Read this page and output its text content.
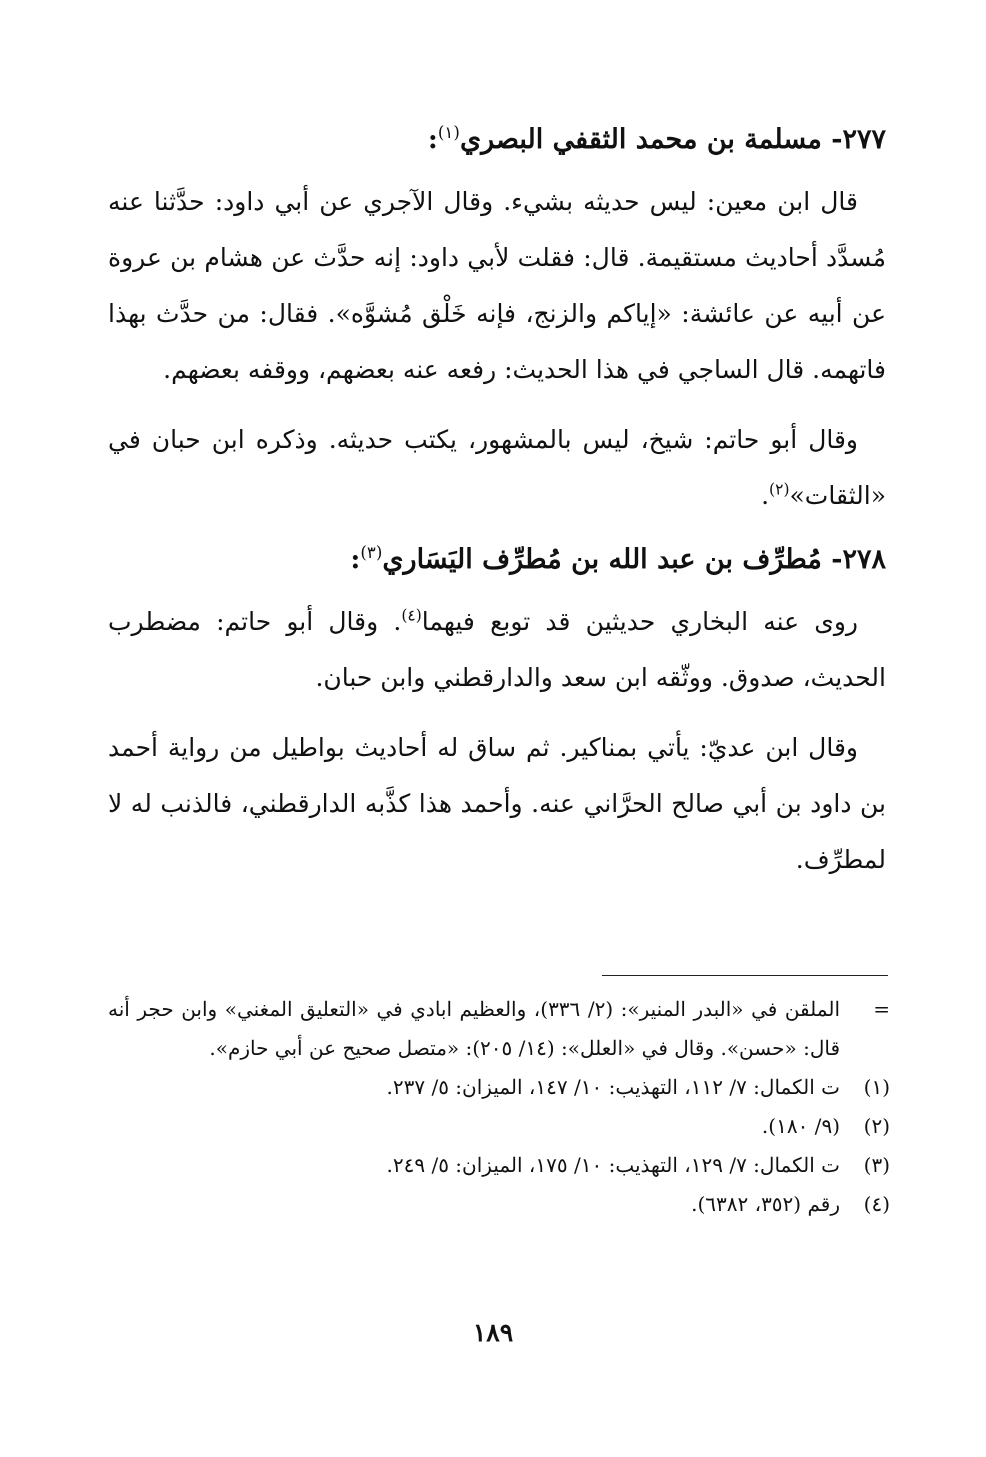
٢٧٧- مسلمة بن محمد الثقفي البصري$^{(١)}$:

قال ابن معين: ليس حديثه بشيء. وقال الآجري عن أبي داود: حدَّثنا عنه مُسدَّد أحاديث مستقيمة. قال: فقلت لأبي داود: إنه حدَّث عن هشام بن عروة عن أبيه عن عائشة: «إياكم والزنج، فإنه خَلْق مُشوَّه». فقال: من حدَّث بهذا فاتهمه. قال الساجي في هذا الحديث: رفعه عنه بعضهم، ووقفه بعضهم.

وقال أبو حاتم: شيخ، ليس بالمشهور، يكتب حديثه. وذكره ابن حبان في «الثقات»$^{(٢)}$.

٢٧٨- مُطرِّف بن عبد الله بن مُطرِّف اليَسَاري$^{(٣)}$:

روى عنه البخاري حديثين قد توبع فيهما$^{(٤)}$. وقال أبو حاتم: مضطرب الحديث، صدوق. ووثّقه ابن سعد والدارقطني وابن حبان.

وقال ابن عديّ: يأتي بمناكير. ثم ساق له أحاديث بواطيل من رواية أحمد بن داود بن أبي صالح الحرَّاني عنه. وأحمد هذا كذَّبه الدارقطني، فالذنب له لا لمطرِّف.

=
الملقن في «البدر المنير»: (٢/ ٣٣٦)، والعظيم ابادي في «التعليق المغني» وابن حجر أنه قال: «حسن». وقال في «العلل»: (١٤/ ٢٠٥): «متصل صحيح عن أبي حازم».
(١)
ت الكمال: ٧/ ١١٢، التهذيب: ١٠/ ١٤٧، الميزان: ٥/ ٢٣٧.
(٢)
(٩/ ١٨٠).
(٣)
ت الكمال: ٧/ ١٢٩، التهذيب: ١٠/ ١٧٥، الميزان: ٥/ ٢٤٩.
(٤)
رقم (٣٥٢، ٦٣٨٢).
١٨٩
